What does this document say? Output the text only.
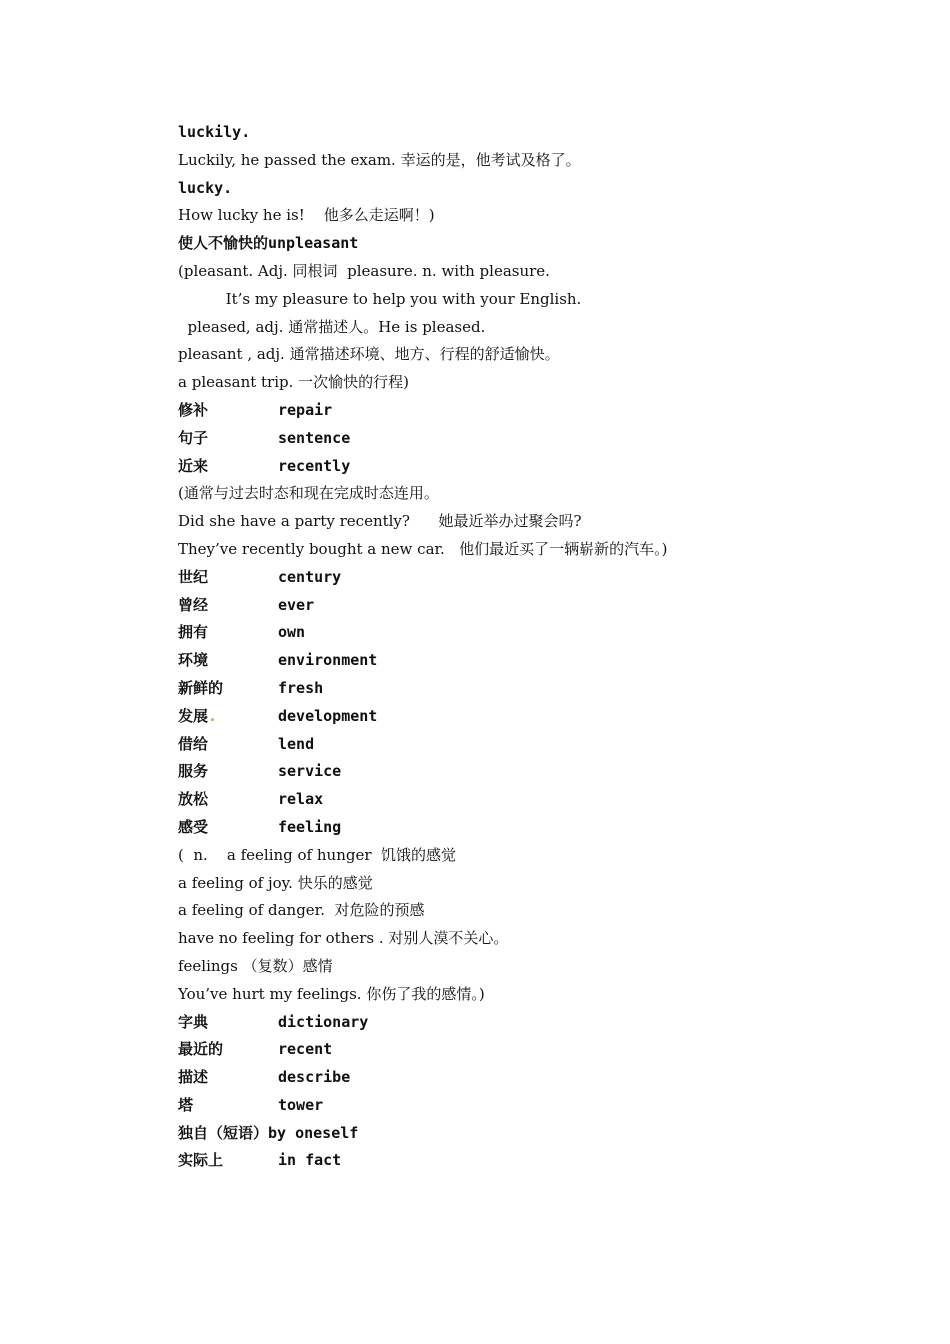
luckily.
Luckily, he passed the exam. 幸运的是，他考试及格了。
lucky.
How lucky he is!    他多么走运啊！)
使人不愉快的unpleasant
(pleasant. Adj. 同根词  pleasure. n. with pleasure.
It’s my pleasure to help you with your English.
pleased, adj. 通常描述人。He is pleased.
pleasant , adj. 通常描述环境、地方、行程的舒适愉快。
a pleasant trip. 一次愉快的行程)
修补	repair
句子	sentence
近来	recently
(通常与过去时态和现在完成时态连用。
Did she have a party recently?      她最近举办过聚会吗?
They’ve recently bought a new car.   他们最近买了一辆崭新的汽车。)
世纪	century
曾经	ever
拥有	own
环境	environment
新鲜的	fresh
发展.	development
借给	lend
服务	service
放松	relax
感受	feeling
(  n.    a feeling of hunger  饥饿的感觉
a feeling of joy. 快乐的感觉
a feeling of danger.  对危险的预感
have no feeling for others . 对别人漠不关心。
feelings （复数）感情
You’ve hurt my feelings. 你伤了我的感情。)
字典	dictionary
最近的	recent
描述	describe
塔	tower
独自（短语）by oneself
实际上	in fact
